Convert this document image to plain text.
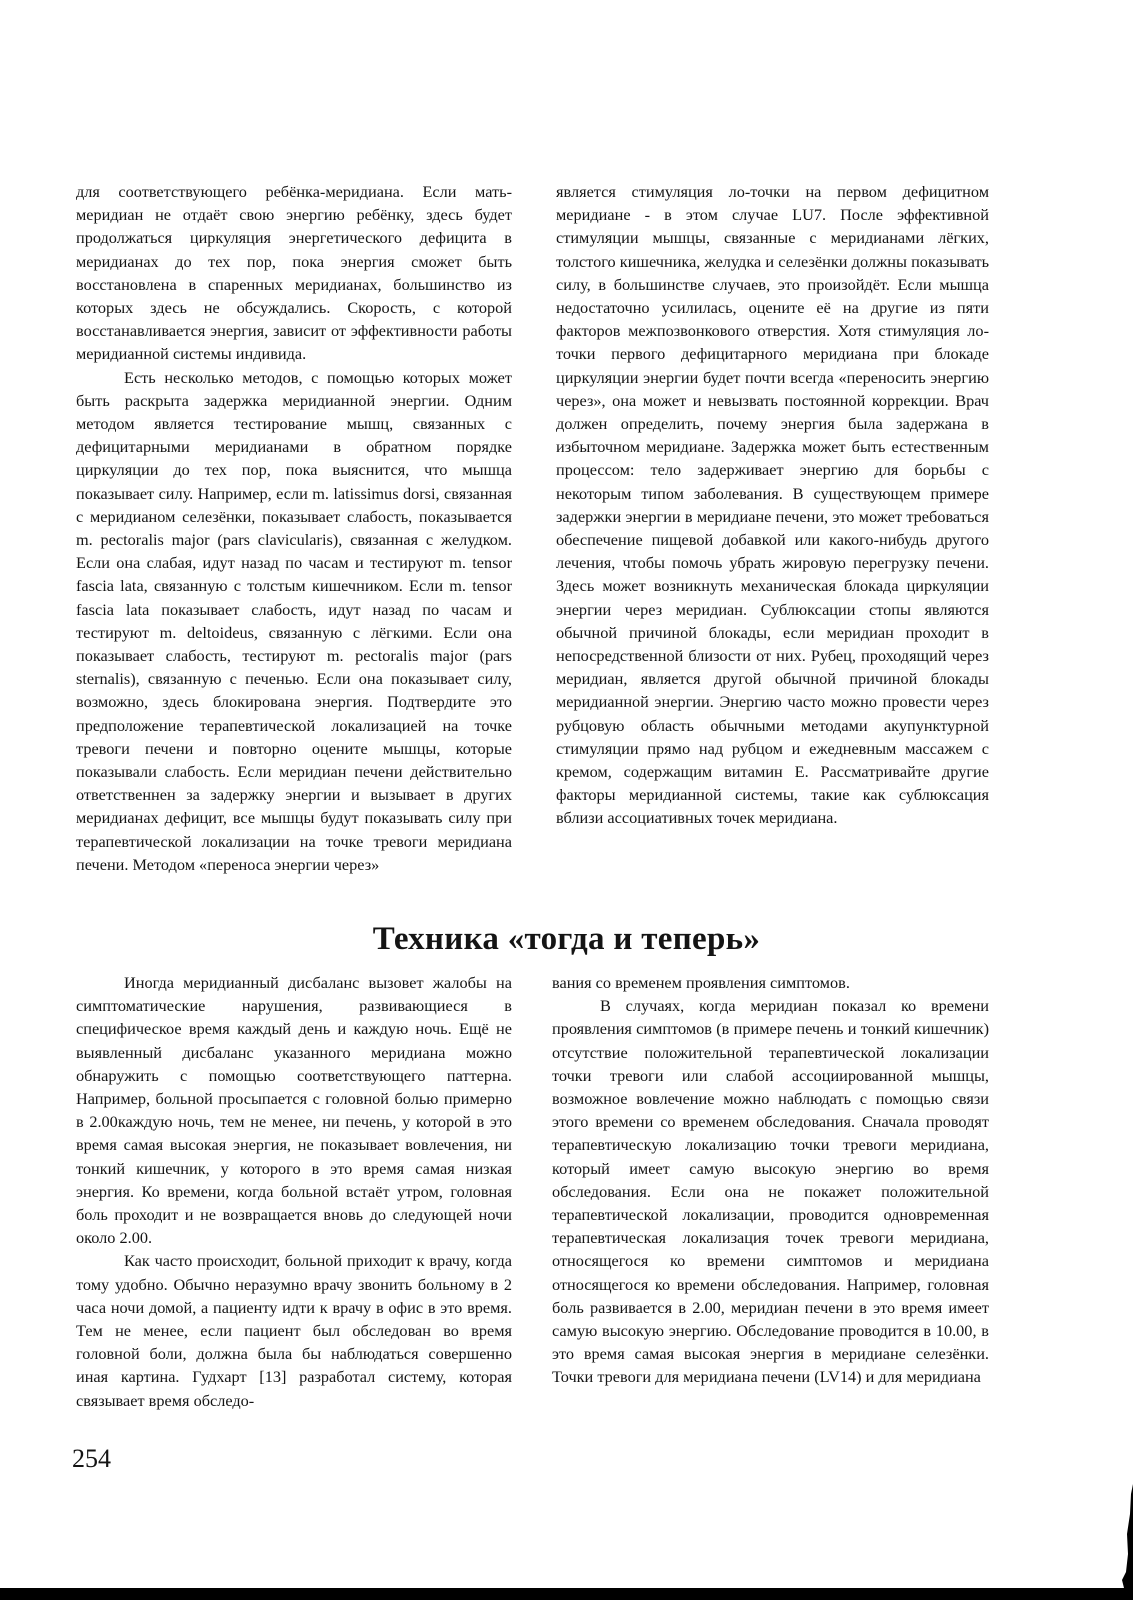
для соответствующего ребёнка-меридиана. Если мать-меридиан не отдаёт свою энергию ребёнку, здесь будет продолжаться циркуляция энергетического дефицита в меридианах до тех пор, пока энергия сможет быть восстановлена в спаренных меридианах, большинство из которых здесь не обсуждались. Скорость, с которой восстанавливается энергия, зависит от эффективности работы меридианной системы индивида.

Есть несколько методов, с помощью которых может быть раскрыта задержка меридианной энергии. Одним методом является тестирование мышц, связанных с дефицитарными меридианами в обратном порядке циркуляции до тех пор, пока выяснится, что мышца показывает силу. Например, если m. latissimus dorsi, связанная с меридианом селезёнки, показывает слабость, показывается m. pectoralis major (pars clavicularis), связанная с желудком. Если она слабая, идут назад по часам и тестируют m. tensor fascia lata, связанную с толстым кишечником. Если m. tensor fascia lata показывает слабость, идут назад по часам и тестируют m. deltoideus, связанную с лёгкими. Если она показывает слабость, тестируют m. pectoralis major (pars sternalis), связанную с печенью. Если она показывает силу, возможно, здесь блокирована энергия. Подтвердите это предположение терапевтической локализацией на точке тревоги печени и повторно оцените мышцы, которые показывали слабость. Если меридиан печени действительно ответственнен за задержку энергии и вызывает в других меридианах дефицит, все мышцы будут показывать силу при терапевтической локализации на точке тревоги меридиана печени. Методом «переноса энергии через»

является стимуляция ло-точки на первом дефицитном меридиане - в этом случае LU7. После эффективной стимуляции мышцы, связанные с меридианами лёгких, толстого кишечника, желудка и селезёнки должны показывать силу, в большинстве случаев, это произойдёт. Если мышца недостаточно усилилась, оцените её на другие из пяти факторов межпозвонкового отверстия. Хотя стимуляция ло-точки первого дефицитарного меридиана при блокаде циркуляции энергии будет почти всегда «переносить энергию через», она может и невызвать постоянной коррекции. Врач должен определить, почему энергия была задержана в избыточном меридиане. Задержка может быть естественным процессом: тело задерживает энергию для борьбы с некоторым типом заболевания. В существующем примере задержки энергии в меридиане печени, это может требоваться обеспечение пищевой добавкой или какого-нибудь другого лечения, чтобы помочь убрать жировую перегрузку печени. Здесь может возникнуть механическая блокада циркуляции энергии через меридиан. Сублюксации стопы являются обычной причиной блокады, если меридиан проходит в непосредственной близости от них. Рубец, проходящий через меридиан, является другой обычной причиной блокады меридианной энергии. Энергию часто можно провести через рубцовую область обычными методами акупунктурной стимуляции прямо над рубцом и ежедневным массажем с кремом, содержащим витамин Е. Рассматривайте другие факторы меридианной системы, такие как сублюксация вблизи ассоциативных точек меридиана.

Техника «тогда и теперь»

Иногда меридианный дисбаланс вызовет жалобы на симптоматические нарушения, развивающиеся в специфическое время каждый день и каждую ночь. Ещё не выявленный дисбаланс указанного меридиана можно обнаружить с помощью соответствующего паттерна. Например, больной просыпается с головной болью примерно в 2.00каждую ночь, тем не менее, ни печень, у которой в это время самая высокая энергия, не показывает вовлечения, ни тонкий кишечник, у которого в это время самая низкая энергия. Ко времени, когда больной встаёт утром, головная боль проходит и не возвращается вновь до следующей ночи около 2.00.

Как часто происходит, больной приходит к врачу, когда тому удобно. Обычно неразумно врачу звонить больному в 2 часа ночи домой, а пациенту идти к врачу в офис в это время. Тем не менее, если пациент был обследован во время головной боли, должна была бы наблюдаться совершенно иная картина. Гудхарт [13] разработал систему, которая связывает время обследо-

вания со временем проявления симптомов.

В случаях, когда меридиан показал ко времени проявления симптомов (в примере печень и тонкий кишечник) отсутствие положительной терапевтической локализации точки тревоги или слабой ассоциированной мышцы, возможное вовлечение можно наблюдать с помощью связи этого времени со временем обследования. Сначала проводят терапевтическую локализацию точки тревоги меридиана, который имеет самую высокую энергию во время обследования. Если она не покажет положительной терапевтической локализации, проводится одновременная терапевтическая локализация точек тревоги меридиана, относящегося ко времени симптомов и меридиана относящегося ко времени обследования. Например, головная боль развивается в 2.00, меридиан печени в это время имеет самую высокую энергию. Обследование проводится в 10.00, в это время самая высокая энергия в меридиане селезёнки. Точки тревоги для меридиана печени (LV14) и для меридиана

254
